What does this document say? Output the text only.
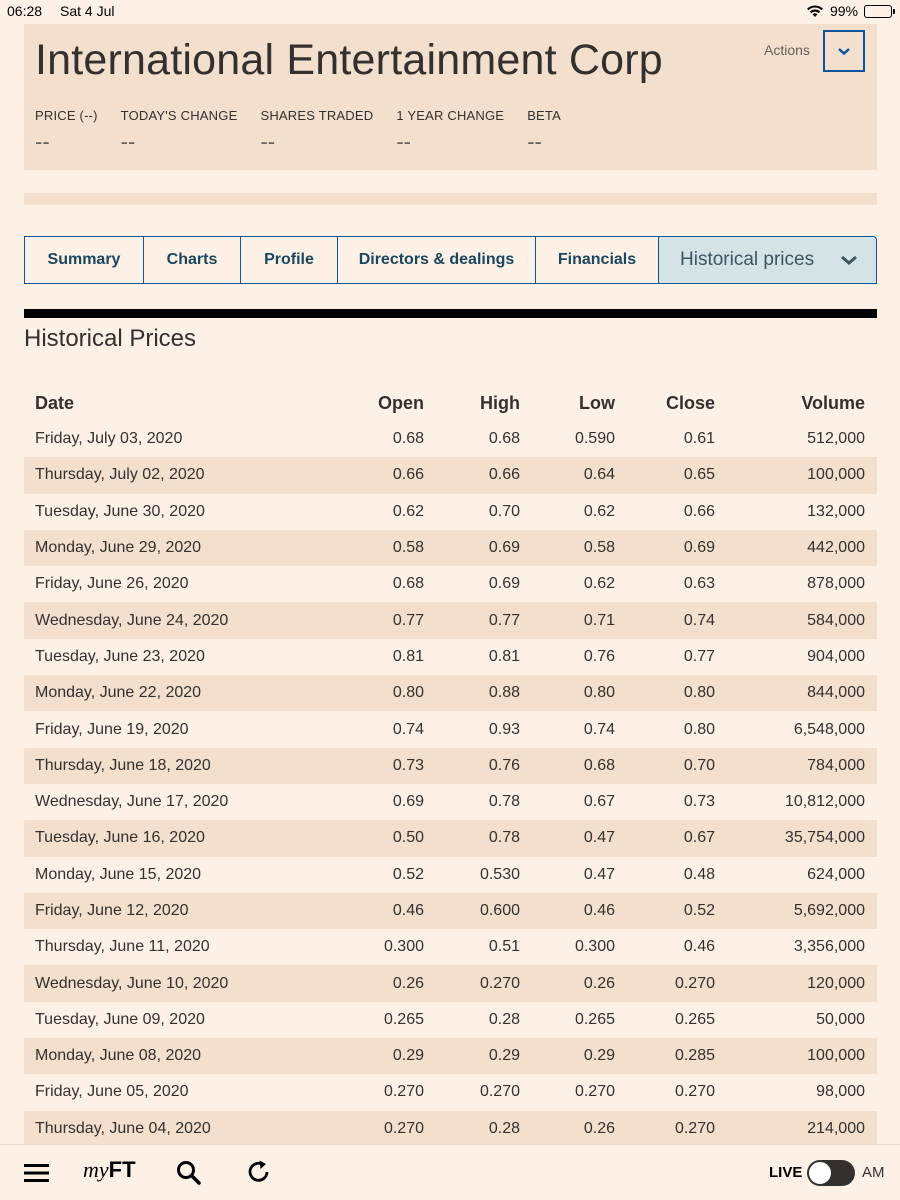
06:28 Sat 4 Jul	99%
International Entertainment Corp	Actions
PRICE (--)
--
TODAY'S CHANGE
--
SHARES TRADED
--
1 YEAR CHANGE
--
BETA
--
Summary	Charts	Profile	Directors & dealings	Financials	Historical prices
Historical Prices
Date	Open	High	Low	Close	Volume
Friday, July 03, 2020	0.68	0.68	0.590	0.61	512,000
Thursday, July 02, 2020	0.66	0.66	0.64	0.65	100,000
Tuesday, June 30, 2020	0.62	0.70	0.62	0.66	132,000
Monday, June 29, 2020	0.58	0.69	0.58	0.69	442,000
Friday, June 26, 2020	0.68	0.69	0.62	0.63	878,000
Wednesday, June 24, 2020	0.77	0.77	0.71	0.74	584,000
Tuesday, June 23, 2020	0.81	0.81	0.76	0.77	904,000
Monday, June 22, 2020	0.80	0.88	0.80	0.80	844,000
Friday, June 19, 2020	0.74	0.93	0.74	0.80	6,548,000
Thursday, June 18, 2020	0.73	0.76	0.68	0.70	784,000
Wednesday, June 17, 2020	0.69	0.78	0.67	0.73	10,812,000
Tuesday, June 16, 2020	0.50	0.78	0.47	0.67	35,754,000
Monday, June 15, 2020	0.52	0.530	0.47	0.48	624,000
Friday, June 12, 2020	0.46	0.600	0.46	0.52	5,692,000
Thursday, June 11, 2020	0.300	0.51	0.300	0.46	3,356,000
Wednesday, June 10, 2020	0.26	0.270	0.26	0.270	120,000
Tuesday, June 09, 2020	0.265	0.28	0.265	0.265	50,000
Monday, June 08, 2020	0.29	0.29	0.29	0.285	100,000
Friday, June 05, 2020	0.270	0.270	0.270	0.270	98,000
Thursday, June 04, 2020	0.270	0.28	0.26	0.270	214,000
my FT	LIVE	AM
